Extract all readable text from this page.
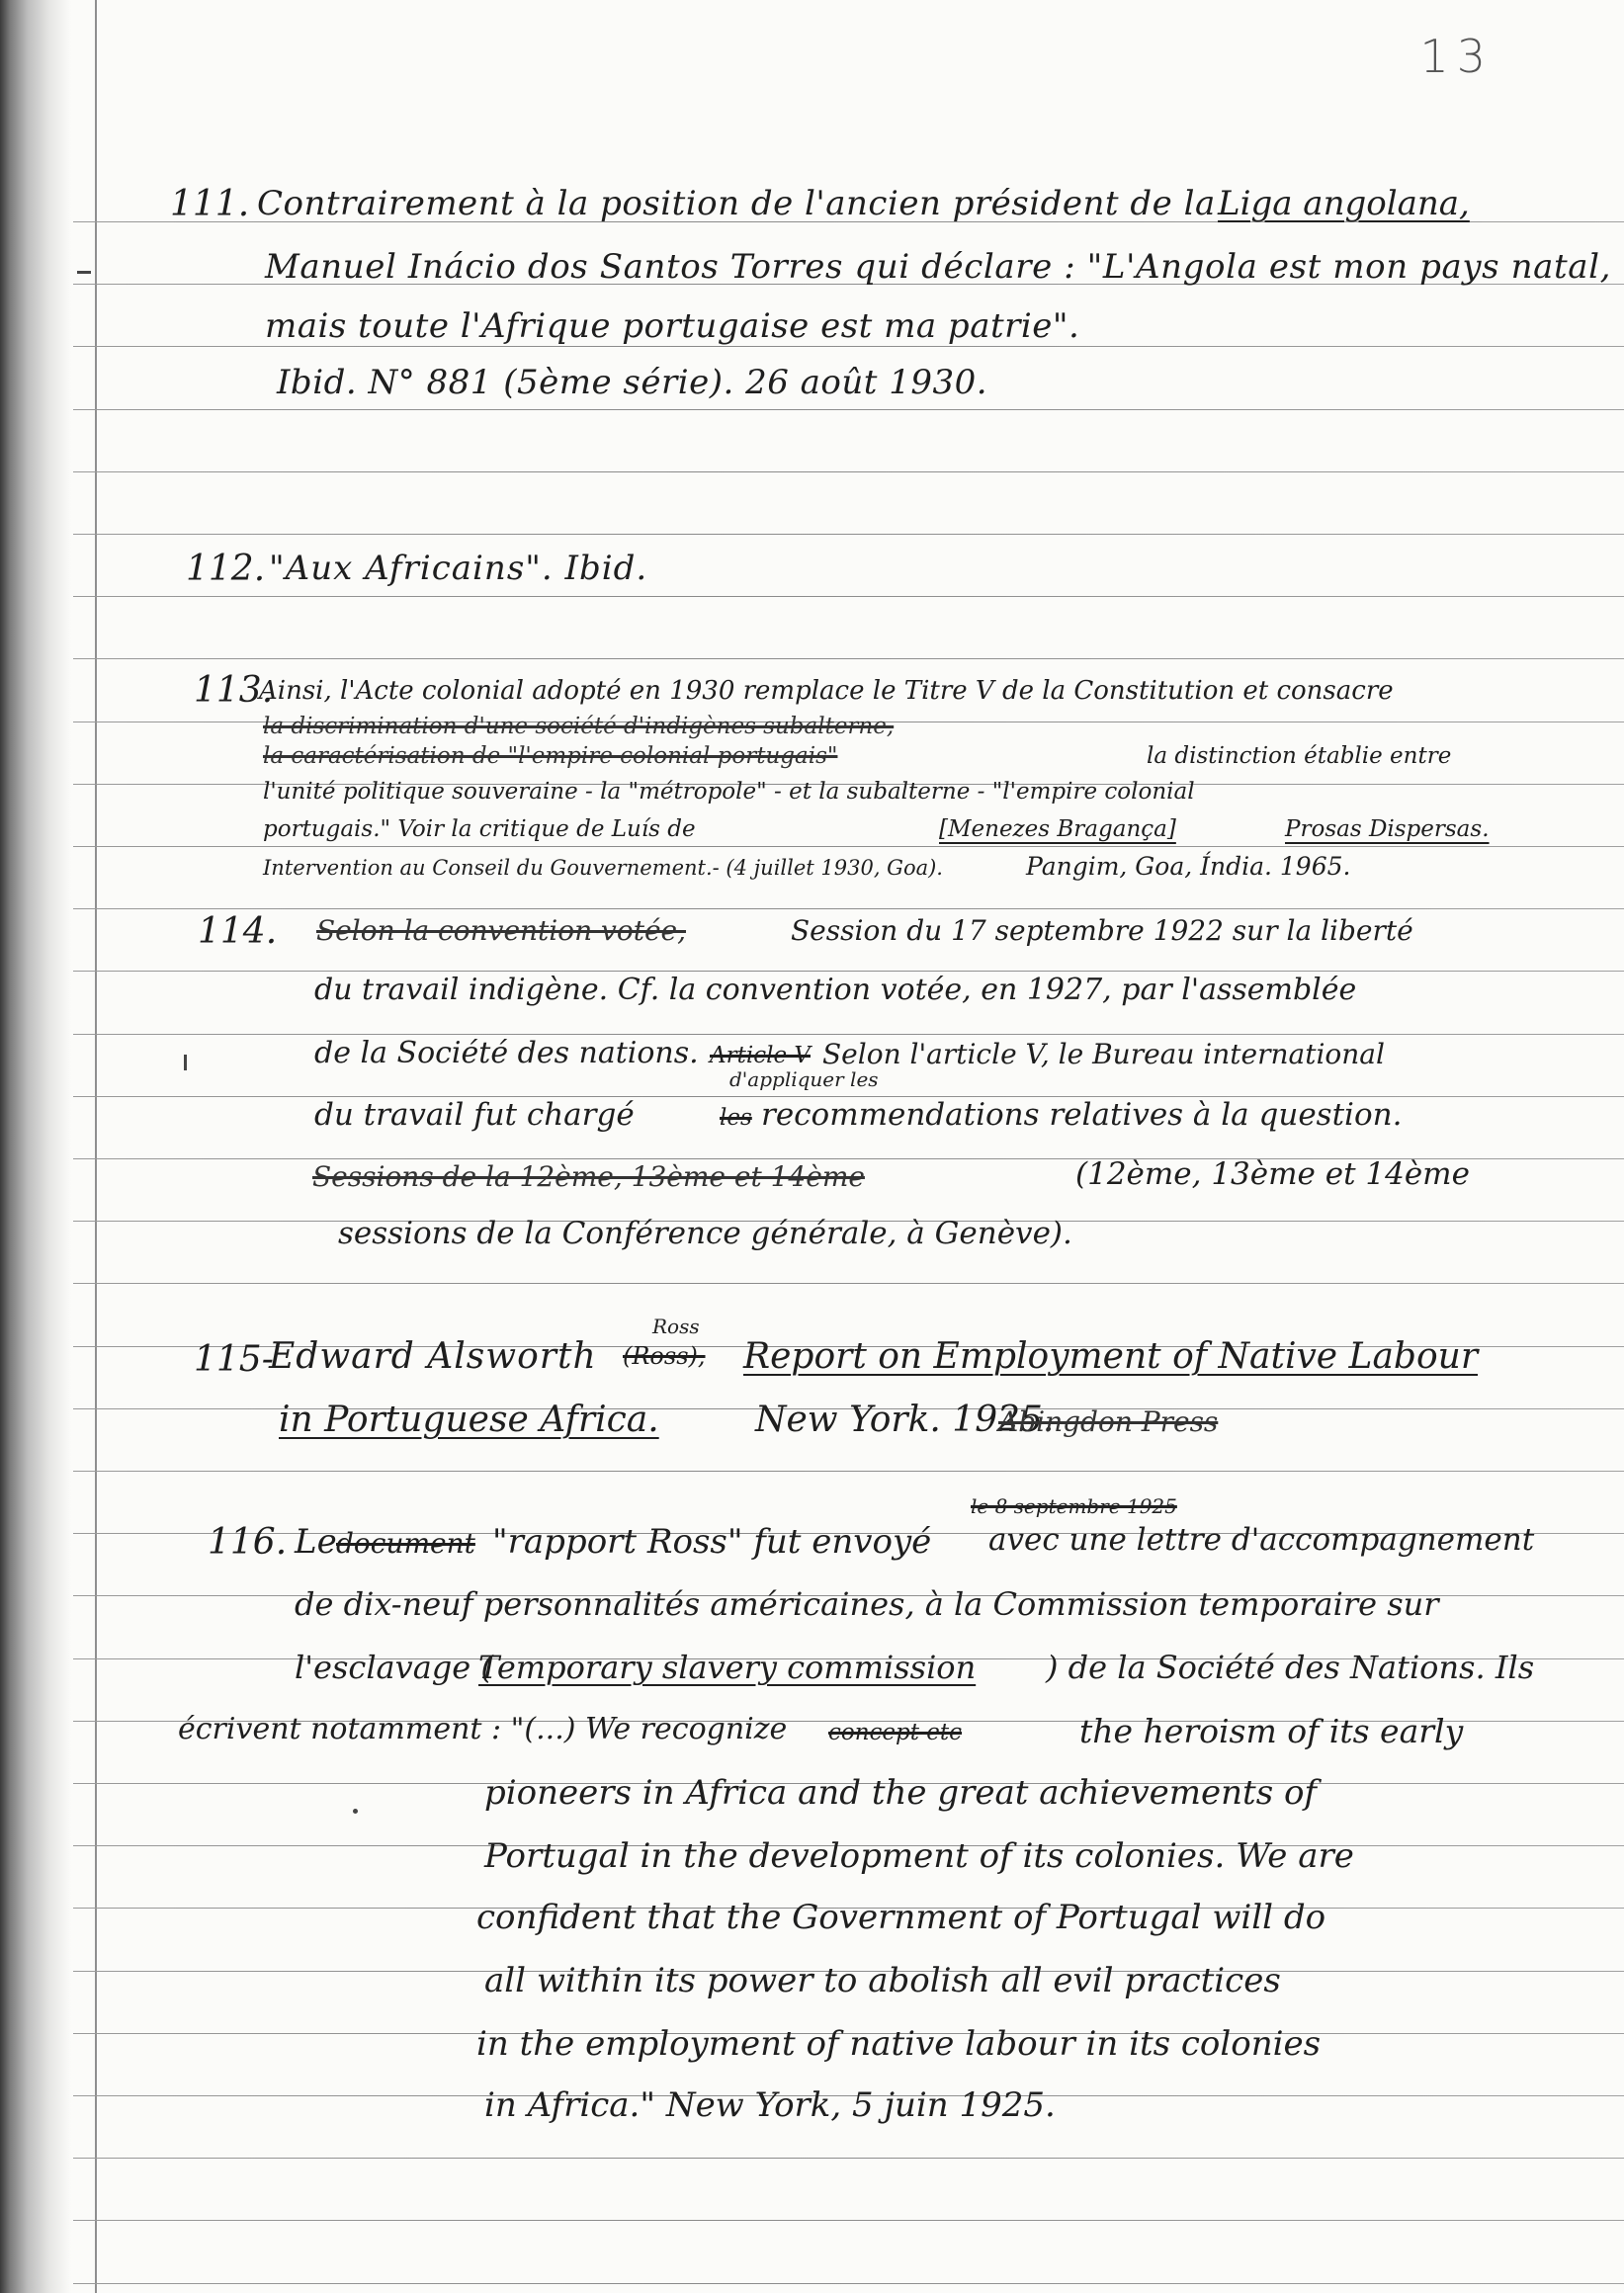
13
111. Contrairement à la position de l'ancien président de la Liga angolana,
Manuel Inácio dos Santos Torres qui déclare : "L'Angola est mon pays natal,
mais toute l'Afrique portugaise est ma patrie".
Ibid. N° 881 (5ème série). 26 août 1930.
112. "Aux Africains". Ibid.
113.
Ainsi, l'Acte colonial adopté en 1930 remplace le Titre V de la Constitution et consacre
la discrimination d'une société d'indigènes subalterne,
la caractérisation de "l'empire colonial portugais"	la distinction établie entre
l'unité politique souveraine - la "métropole" - et la subalterne - "l'empire colonial
portugais." Voir la critique de Luís de	[Menezes Bragança]	Prosas Dispersas.
Intervention au Conseil du Gouvernement.- (4 juillet 1930, Goa).	Pangim, Goa, Índia. 1965.
114. Selon la convention votée,	Session du 17 septembre 1922 sur la liberté
du travail indigène. Cf. la convention votée, en 1927, par l'assemblée
de la Société des nations. Article V Selon l'article V, le Bureau international
d'appliquer les
du travail fut chargé	les recommendations relatives à la question.
Sessions de la 12ème, 13ème et 14ème	(12ème, 13ème et 14ème
sessions de la Conférence générale, à Genève).
115-
Edward Alsworth
Ross
(Ross), Report on Employment of Native Labour
in Portuguese Africa.	New York. 1925.
Abingdon Press
116. Le document "rapport Ross" fut envoyé
le 8 septembre 1925
avec une lettre d'accompagnement
de dix-neuf personnalités américaines, à la Commission temporaire sur
l'esclavage (
Temporary slavery commission ) de la Société des Nations. Ils
écrivent notamment : "(...) We recognize concept etc	the heroism of its early
pioneers in Africa and the great achievements of
Portugal in the development of its colonies. We are
confident that the Government of Portugal will do
all within its power to abolish all evil practices
in the employment of native labour in its colonies
in Africa." New York, 5 juin 1925.
